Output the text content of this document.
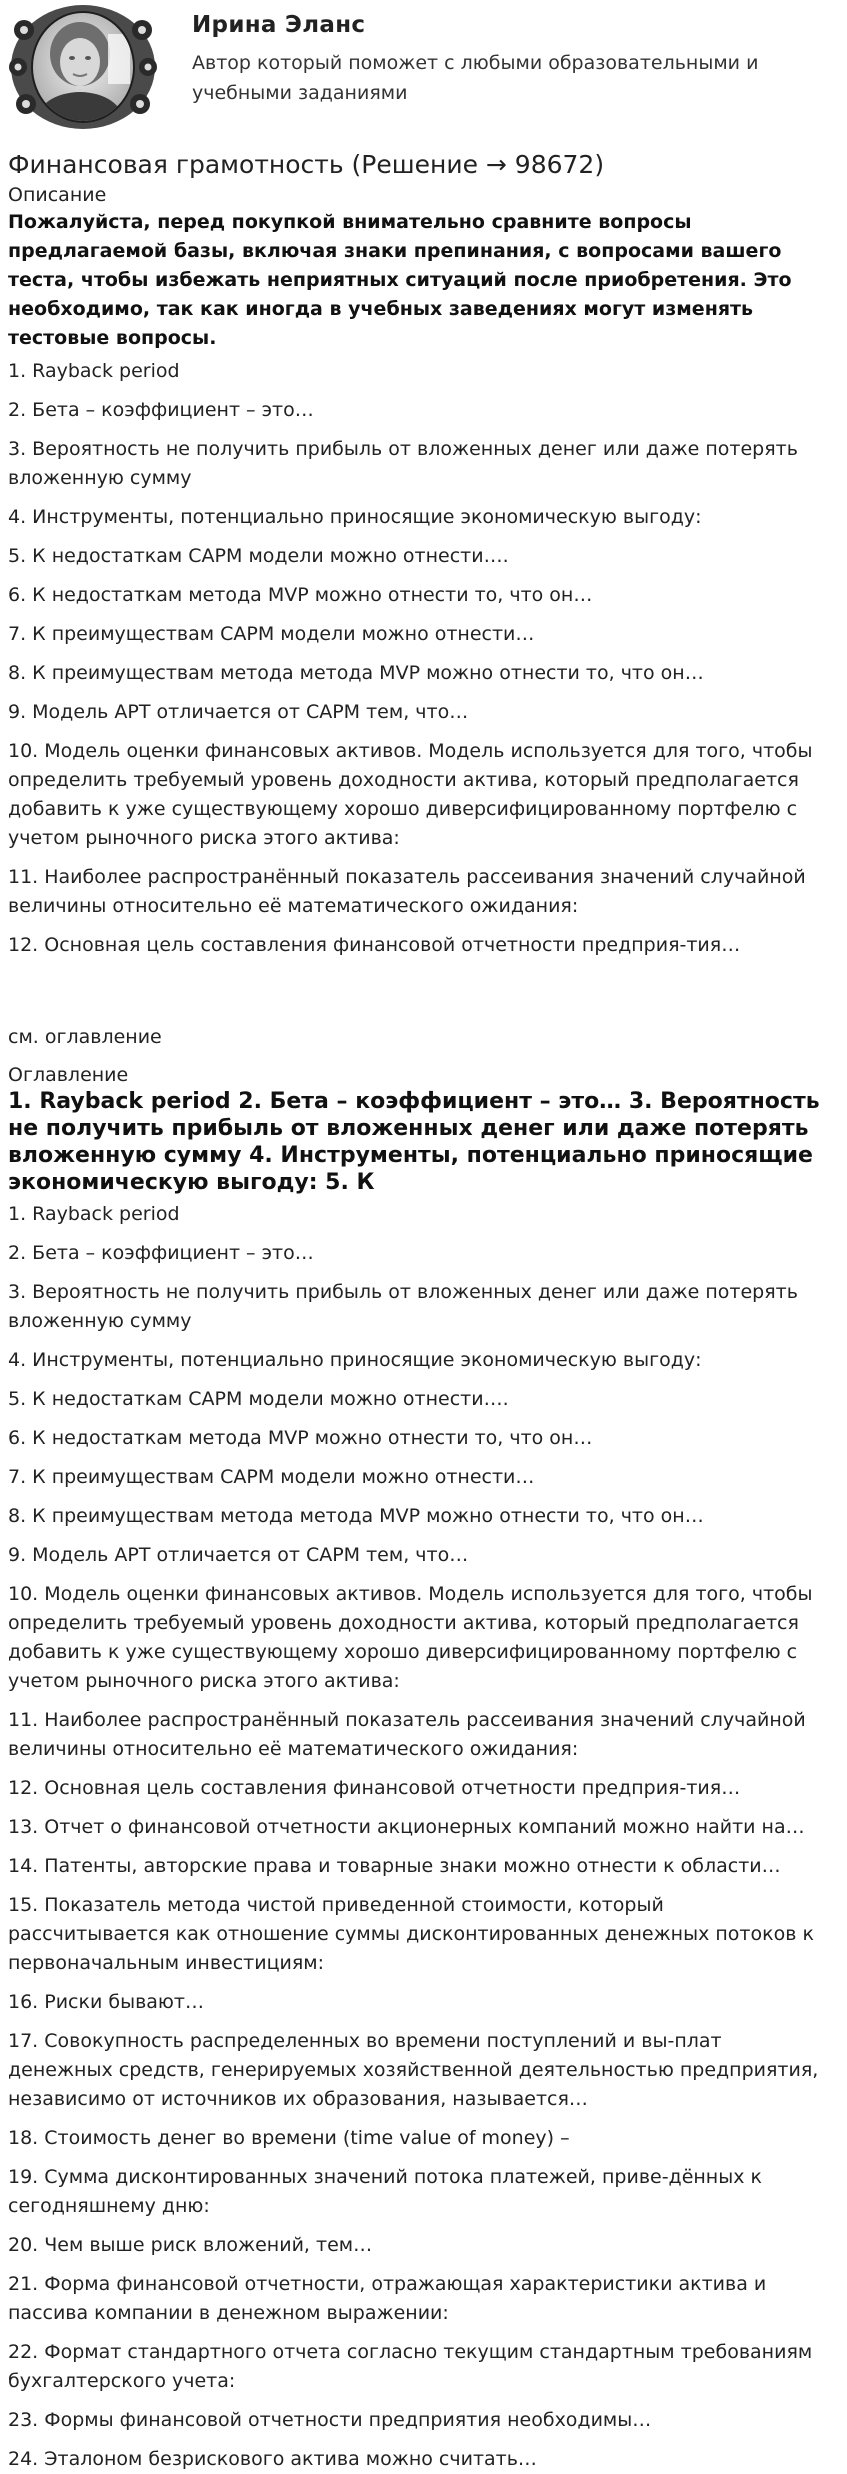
Ирина Эланс
Автор который поможет с любыми образовательными и учебными заданиями
Финансовая грамотность (Решение → 98672)
Описание
Пожалуйста, перед покупкой внимательно сравните вопросы предлагаемой базы, включая знаки препинания, с вопросами вашего теста, чтобы избежать неприятных ситуаций после приобретения. Это необходимо, так как иногда в учебных заведениях могут изменять тестовые вопросы.
1. Rayback period
2. Бета – коэффициент – это…
3. Вероятность не получить прибыль от вложенных денег или даже потерять вложенную сумму
4. Инструменты, потенциально приносящие экономическую выгоду:
5. К недостаткам CAPM модели можно отнести….
6. К недостаткам метода MVP можно отнести то, что он…
7. К преимуществам CAPM модели можно отнести…
8. К преимуществам метода метода MVP можно отнести то, что он…
9. Модель APT отличается от CAPM тем, что…
10. Модель оценки финансовых активов. Модель используется для того, чтобы определить требуемый уровень доходности актива, который предполагается добавить к уже существующему хорошо диверсифицированному портфелю с учетом рыночного риска этого актива:
11. Наиболее распространённый показатель рассеивания значений случайной величины относительно её математического ожидания:
12. Основная цель составления финансовой отчетности предприя-тия…
см. оглавление
Оглавление
1. Rayback period 2. Бета – коэффициент – это… 3. Вероятность не получить прибыль от вложенных денег или даже потерять вложенную сумму 4. Инструменты, потенциально приносящие экономическую выгоду: 5. К
1. Rayback period
2. Бета – коэффициент – это…
3. Вероятность не получить прибыль от вложенных денег или даже потерять вложенную сумму
4. Инструменты, потенциально приносящие экономическую выгоду:
5. К недостаткам CAPM модели можно отнести….
6. К недостаткам метода MVP можно отнести то, что он…
7. К преимуществам CAPM модели можно отнести…
8. К преимуществам метода метода MVP можно отнести то, что он…
9. Модель APT отличается от CAPM тем, что…
10. Модель оценки финансовых активов. Модель используется для того, чтобы определить требуемый уровень доходности актива, который предполагается добавить к уже существующему хорошо диверсифицированному портфелю с учетом рыночного риска этого актива:
11. Наиболее распространённый показатель рассеивания значений случайной величины относительно её математического ожидания:
12. Основная цель составления финансовой отчетности предприя-тия…
13. Отчет о финансовой отчетности акционерных компаний можно найти на…
14. Патенты, авторские права и товарные знаки можно отнести к области…
15. Показатель метода чистой приведенной стоимости, который рассчитывается как отношение суммы дисконтированных денежных потоков к первоначальным инвестициям:
16. Риски бывают…
17. Совокупность распределенных во времени поступлений и вы-плат денежных средств, генерируемых хозяйственной деятельностью предприятия, независимо от источников их образования, называется…
18. Стоимость денег во времени (time value of money) –
19. Сумма дисконтированных значений потока платежей, приве-дённых к сегодняшнему дню:
20. Чем выше риск вложений, тем…
21. Форма финансовой отчетности, отражающая характеристики актива и пассива компании в денежном выражении:
22. Формат стандартного отчета согласно текущим стандартным требованиям бухгалтерского учета:
23. Формы финансовой отчетности предприятия необходимы…
24. Эталоном безрискового актива можно считать…
